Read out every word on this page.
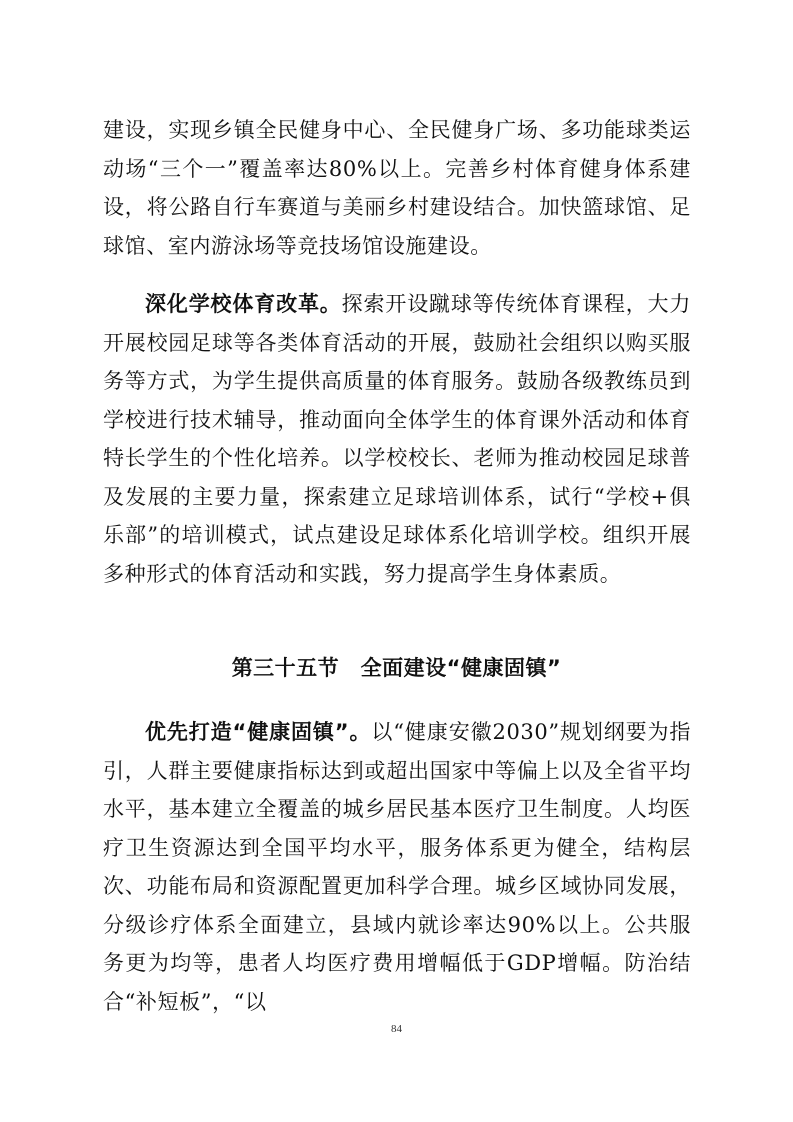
建设，实现乡镇全民健身中心、全民健身广场、多功能球类运动场“三个一”覆盖率达80%以上。完善乡村体育健身体系建设，将公路自行车赛道与美丽乡村建设结合。加快篮球馆、足球馆、室内游泳场等竞技场馆设施建设。

深化学校体育改革。探索开设蹴球等传统体育课程，大力开展校园足球等各类体育活动的开展，鼓励社会组织以购买服务等方式，为学生提供高质量的体育服务。鼓励各级教练员到学校进行技术辅导，推动面向全体学生的体育课外活动和体育特长学生的个性化培养。以学校校长、老师为推动校园足球普及发展的主要力量，探索建立足球培训体系，试行“学校+俱乐部”的培训模式，试点建设足球体系化培训学校。组织开展多种形式的体育活动和实践，努力提高学生身体素质。

第三十五节　全面建设“健康固镇”

优先打造“健康固镇”。以“健康安徽2030”规划纲要为指引，人群主要健康指标达到或超出国家中等偏上以及全省平均水平，基本建立全覆盖的城乡居民基本医疗卫生制度。人均医疗卫生资源达到全国平均水平，服务体系更为健全，结构层次、功能布局和资源配置更加科学合理。城乡区域协同发展，分级诊疗体系全面建立，县域内就诊率达90%以上。公共服务更为均等，患者人均医疗费用增幅低于GDP增幅。防治结合“补短板”，“以

84
